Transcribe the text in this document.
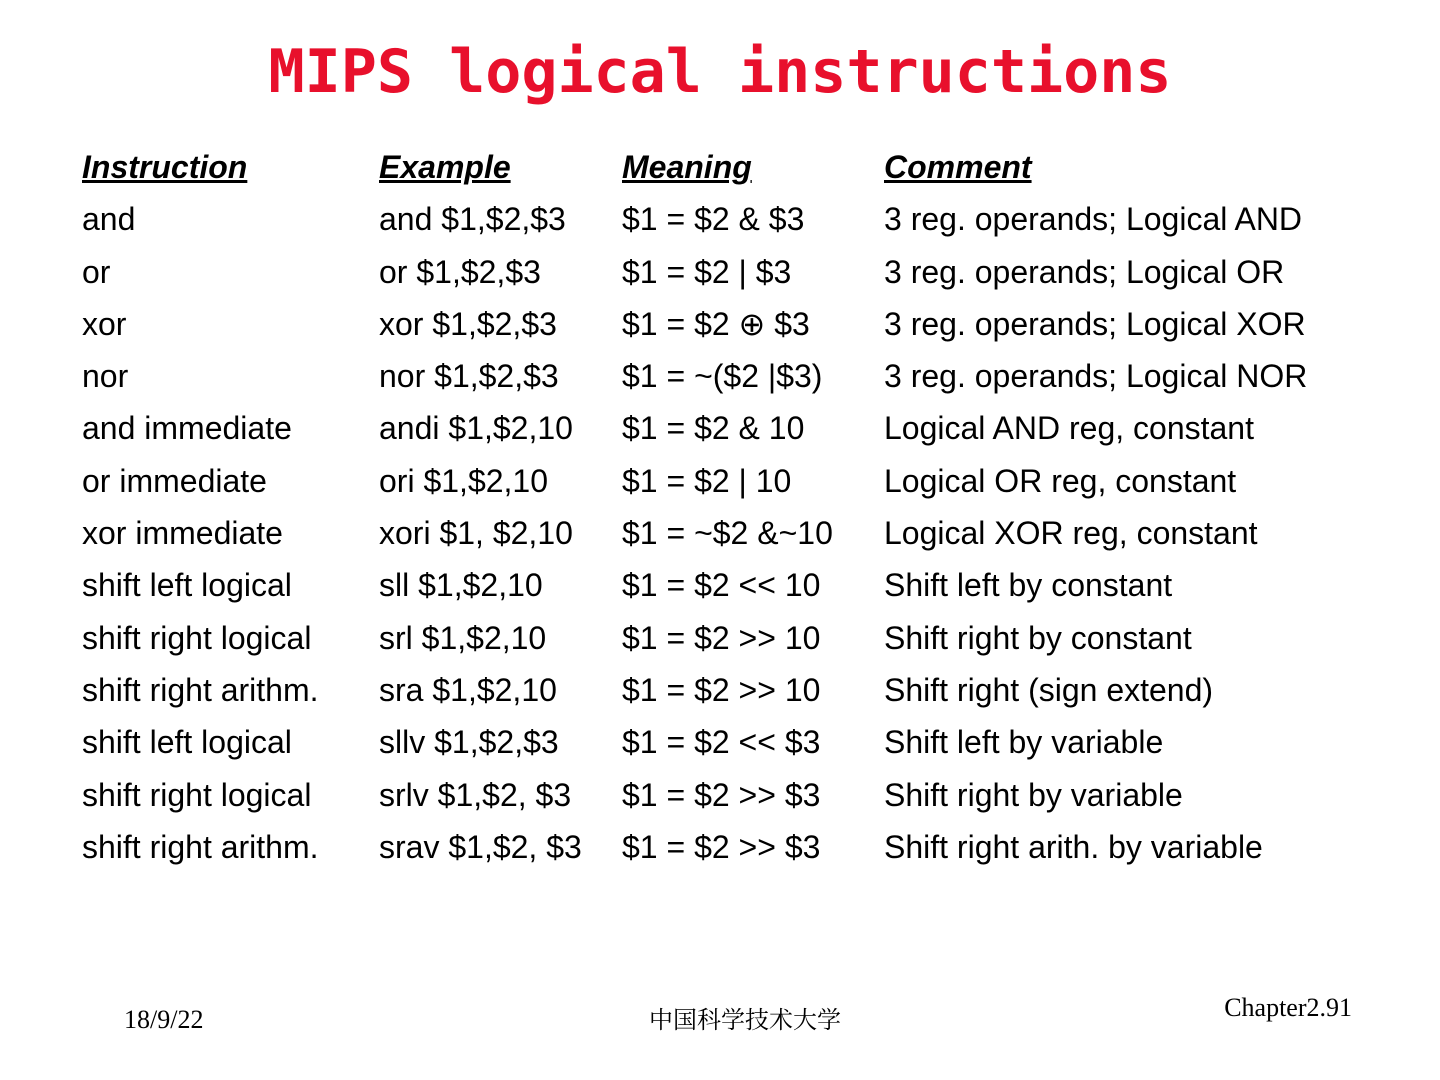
MIPS logical instructions
Instruction	Example	Meaning	Comment
and	and $1,$2,$3	$1 = $2 & $3	3 reg. operands; Logical AND
or	or $1,$2,$3	$1 = $2 | $3	3 reg. operands; Logical OR
xor	xor $1,$2,$3	$1 = $2 ⊕ $3	3 reg. operands; Logical XOR
nor	nor $1,$2,$3	$1 = ~($2 |$3)	3 reg. operands; Logical NOR
and immediate	andi $1,$2,10	$1 = $2 & 10	Logical AND reg, constant
or immediate	ori $1,$2,10	$1 = $2 | 10	Logical OR reg, constant
xor immediate	xori $1, $2,10	$1 = ~$2 &~10	Logical XOR reg, constant
shift left logical	sll $1,$2,10	$1 = $2 << 10	Shift left by constant
shift right logical	srl $1,$2,10	$1 = $2 >> 10	Shift right by constant
shift right arithm.	sra $1,$2,10	$1 = $2 >> 10	Shift right (sign extend)
shift left logical	sllv $1,$2,$3	$1 = $2 << $3	Shift left by variable
shift right logical	srlv $1,$2, $3	$1 = $2 >> $3	Shift right by variable
shift right arithm.	srav $1,$2, $3	$1 = $2 >> $3	Shift right arith. by variable
18/9/22	中国科学技术大学	Chapter2.91
